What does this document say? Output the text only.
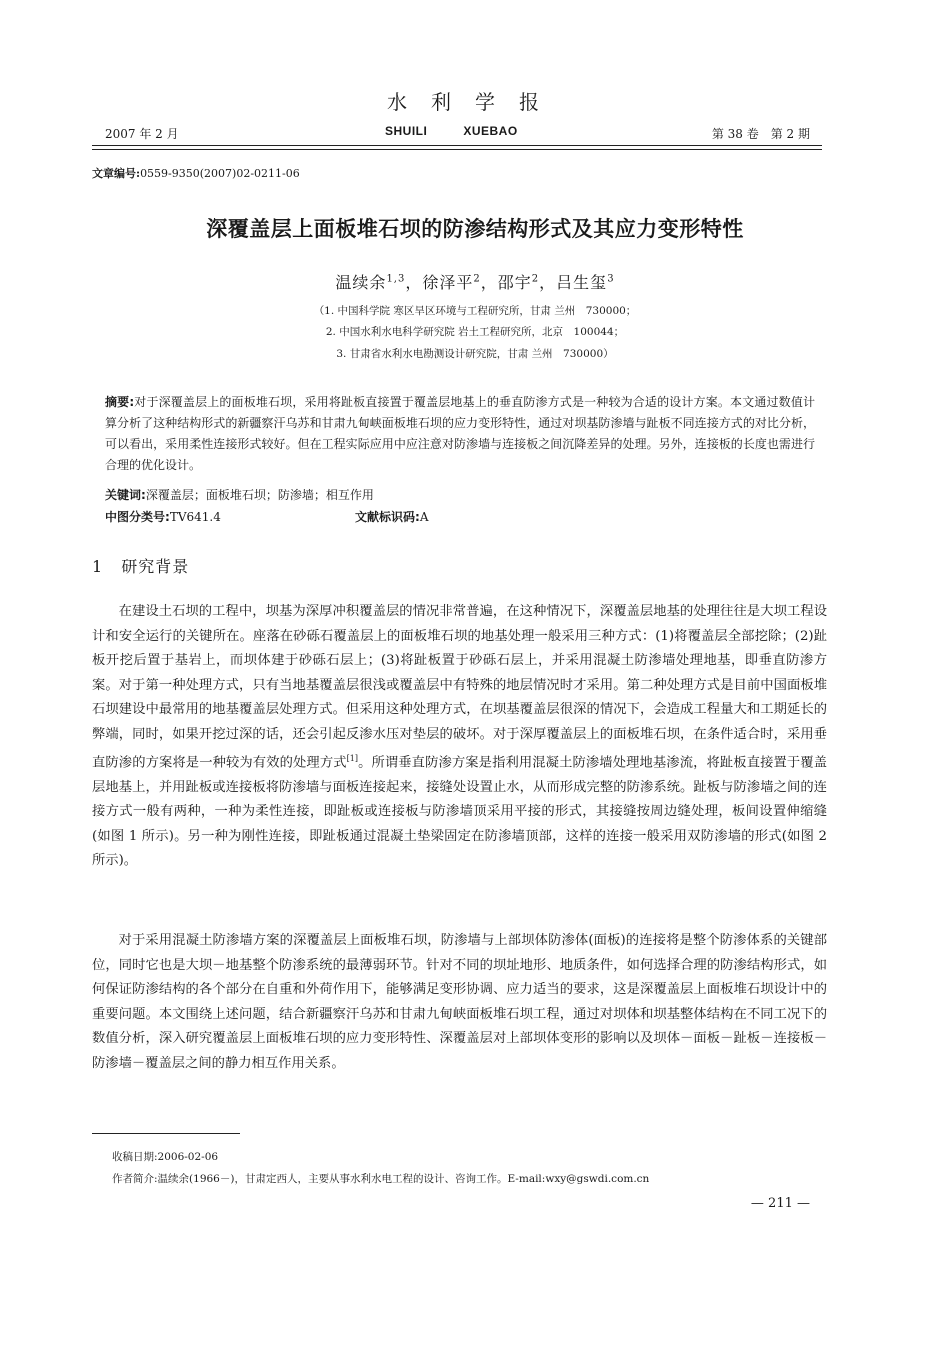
水利学报
2007 年 2 月	SHUILI	XUEBAO	第 38 卷　第 2 期
文章编号:0559-9350(2007)02-0211-06
深覆盖层上面板堆石坝的防渗结构形式及其应力变形特性
温续余$^{1,3}$，徐泽平$^2$，邵宇$^2$，吕生玺$^3$
（1. 中国科学院 寒区旱区环境与工程研究所，甘肃 兰州　730000；
2. 中国水利水电科学研究院 岩土工程研究所，北京　100044；
3. 甘肃省水利水电勘测设计研究院，甘肃 兰州　730000）
摘要:对于深覆盖层上的面板堆石坝，采用将趾板直接置于覆盖层地基上的垂直防渗方式是一种较为合适的设计方案。本文通过数值计算分析了这种结构形式的新疆察汗乌苏和甘肃九甸峡面板堆石坝的应力变形特性，通过对坝基防渗墙与趾板不同连接方式的对比分析，可以看出，采用柔性连接形式较好。但在工程实际应用中应注意对防渗墙与连接板之间沉降差异的处理。另外，连接板的长度也需进行合理的优化设计。
关键词:深覆盖层；面板堆石坝；防渗墙；相互作用
中图分类号:TV641.4	文献标识码:A
1 研究背景

在建设土石坝的工程中，坝基为深厚冲积覆盖层的情况非常普遍，在这种情况下，深覆盖层地基的处理往往是大坝工程设计和安全运行的关键所在。座落在砂砾石覆盖层上的面板堆石坝的地基处理一般采用三种方式：(1)将覆盖层全部挖除；(2)趾板开挖后置于基岩上，而坝体建于砂砾石层上；(3)将趾板置于砂砾石层上，并采用混凝土防渗墙处理地基，即垂直防渗方案。对于第一种处理方式，只有当地基覆盖层很浅或覆盖层中有特殊的地层情况时才采用。第二种处理方式是目前中国面板堆石坝建设中最常用的地基覆盖层处理方式。但采用这种处理方式，在坝基覆盖层很深的情况下，会造成工程量大和工期延长的弊端，同时，如果开挖过深的话，还会引起反渗水压对垫层的破坏。对于深厚覆盖层上的面板堆石坝，在条件适合时，采用垂直防渗的方案将是一种较为有效的处理方式[1]。所谓垂直防渗方案是指利用混凝土防渗墙处理地基渗流，将趾板直接置于覆盖层地基上，并用趾板或连接板将防渗墙与面板连接起来，接缝处设置止水，从而形成完整的防渗系统。趾板与防渗墙之间的连接方式一般有两种，一种为柔性连接，即趾板或连接板与防渗墙顶采用平接的形式，其接缝按周边缝处理，板间设置伸缩缝(如图 1 所示)。另一种为刚性连接，即趾板通过混凝土垫梁固定在防渗墙顶部，这样的连接一般采用双防渗墙的形式(如图 2 所示)。

对于采用混凝土防渗墙方案的深覆盖层上面板堆石坝，防渗墙与上部坝体防渗体(面板)的连接将是整个防渗体系的关键部位，同时它也是大坝－地基整个防渗系统的最薄弱环节。针对不同的坝址地形、地质条件，如何选择合理的防渗结构形式，如何保证防渗结构的各个部分在自重和外荷作用下，能够满足变形协调、应力适当的要求，这是深覆盖层上面板堆石坝设计中的重要问题。本文围绕上述问题，结合新疆察汗乌苏和甘肃九甸峡面板堆石坝工程，通过对坝体和坝基整体结构在不同工况下的数值分析，深入研究覆盖层上面板堆石坝的应力变形特性、深覆盖层对上部坝体变形的影响以及坝体－面板－趾板－连接板－防渗墙－覆盖层之间的静力相互作用关系。

收稿日期:2006-02-06
作者简介:温续余(1966－)，甘肃定西人，主要从事水利水电工程的设计、咨询工作。E-mail:wxy@gswdi.com.cn
— 211 —
